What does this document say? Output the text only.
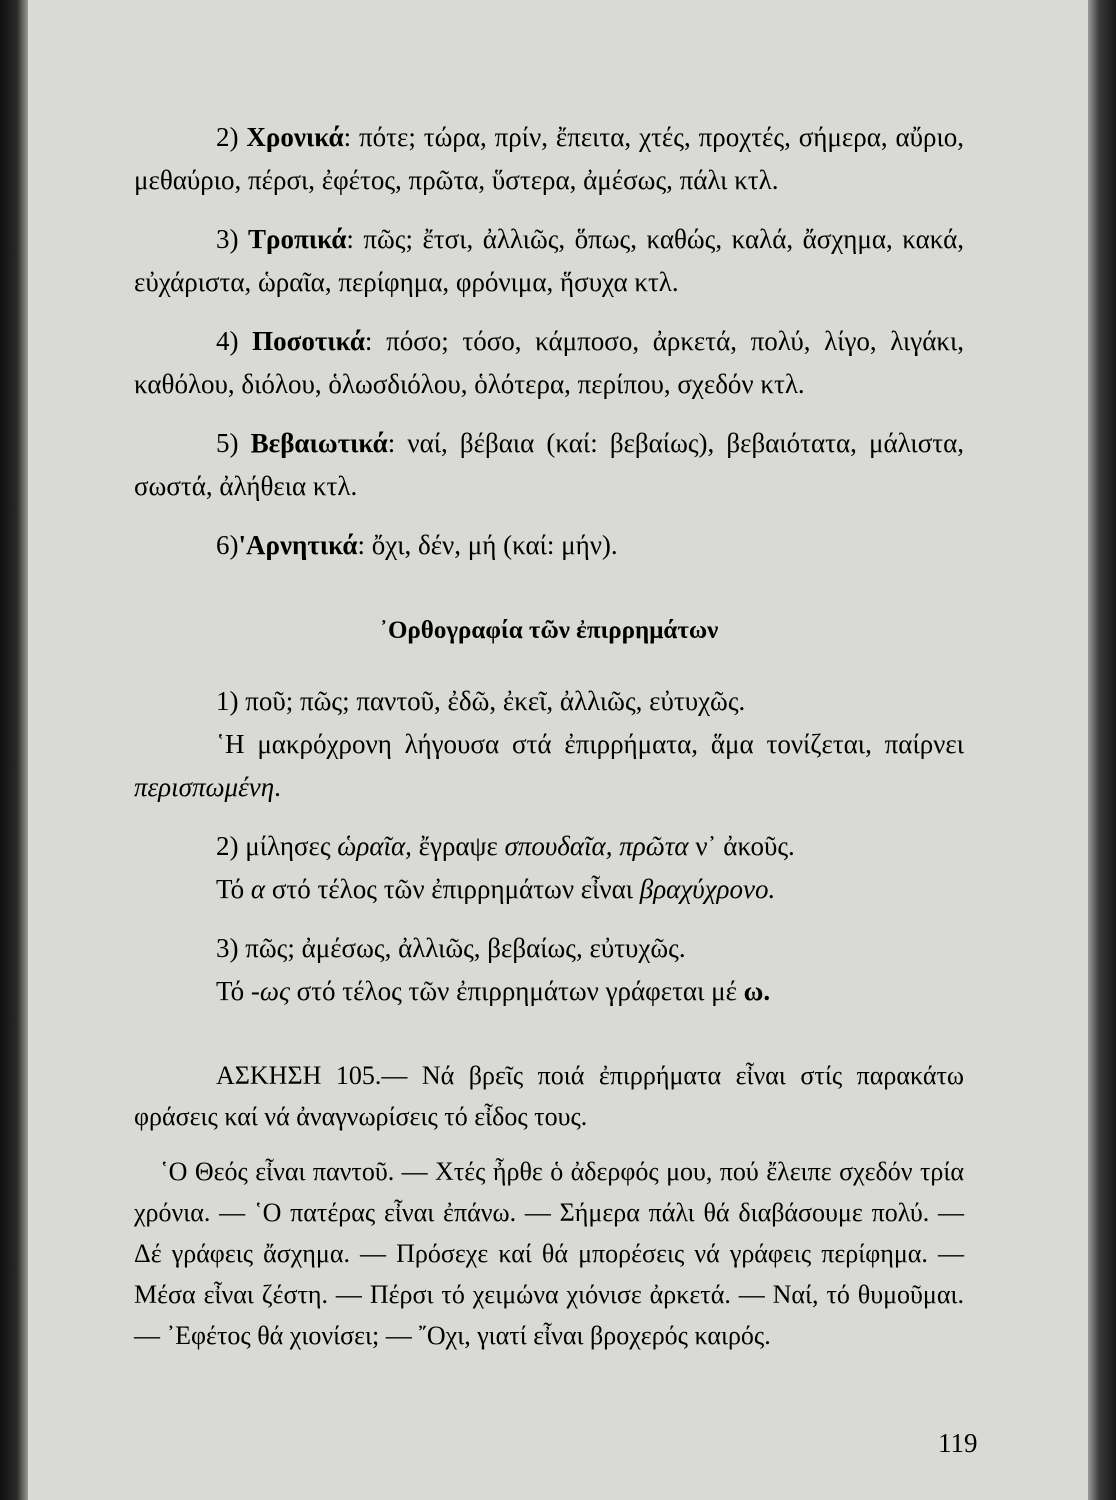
2) Χρονικά: πότε; τώρα, πρίν, ἔπειτα, χτές, προχτές, σήμερα, αὔριο, μεθαύριο, πέρσι, ἐφέτος, πρῶτα, ὕστερα, ἀμέσως, πάλι κτλ.

3) Τροπικά: πῶς; ἔτσι, ἀλλιῶς, ὅπως, καθώς, καλά, ἄσχημα, κακά, εὐχάριστα, ὡραῖα, περίφημα, φρόνιμα, ἥσυχα κτλ.

4) Ποσοτικά: πόσο; τόσο, κάμποσο, ἀρκετά, πολύ, λίγο, λιγάκι, καθόλου, διόλου, ὁλωσδιόλου, ὁλότερα, περίπου, σχεδόν κτλ.

5) Βεβαιωτικά: ναί, βέβαια (καί: βεβαίως), βεβαιότατα, μάλιστα, σωστά, ἀλήθεια κτλ.

6)'Αρνητικά: ὄχι, δέν, μή (καί: μήν).

᾿Ορθογραφία τῶν ἐπιρρημάτων

1) ποῦ; πῶς; παντοῦ, ἐδῶ, ἐκεῖ, ἀλλιῶς, εὐτυχῶς.

῾Η μακρόχρονη λήγουσα στά ἐπιρρήματα, ἅμα τονίζεται, παίρνει περισπωμένη.

2) μίλησες ὡραῖα, ἔγραψε σπουδαῖα, πρῶτα ν᾿ ἀκοῦς.

Τό α στό τέλος τῶν ἐπιρρημάτων εἶναι βραχύχρονο.

3) πῶς; ἀμέσως, ἀλλιῶς, βεβαίως, εὐτυχῶς.

Τό -ως στό τέλος τῶν ἐπιρρημάτων γράφεται μέ ω.

ΑΣΚΗΣΗ 105.— Νά βρεῖς ποιά ἐπιρρήματα εἶναι στίς παρακάτω φράσεις καί νά ἀναγνωρίσεις τό εἶδος τους.

῾Ο Θεός εἶναι παντοῦ. — Χτές ἦρθε ὁ ἀδερφός μου, πού ἔλειπε σχεδόν τρία χρόνια. — ῾Ο πατέρας εἶναι ἐπάνω. — Σήμερα πάλι θά διαβάσουμε πολύ. — Δέ γράφεις ἄσχημα. — Πρόσεχε καί θά μπορέσεις νά γράφεις περίφημα. — Μέσα εἶναι ζέστη. — Πέρσι τό χειμώνα χιόνισε ἀρκετά. — Ναί, τό θυμοῦμαι. — ᾿Εφέτος θά χιονίσει; — ῎Οχι, γιατί εἶναι βροχερός καιρός.

119
